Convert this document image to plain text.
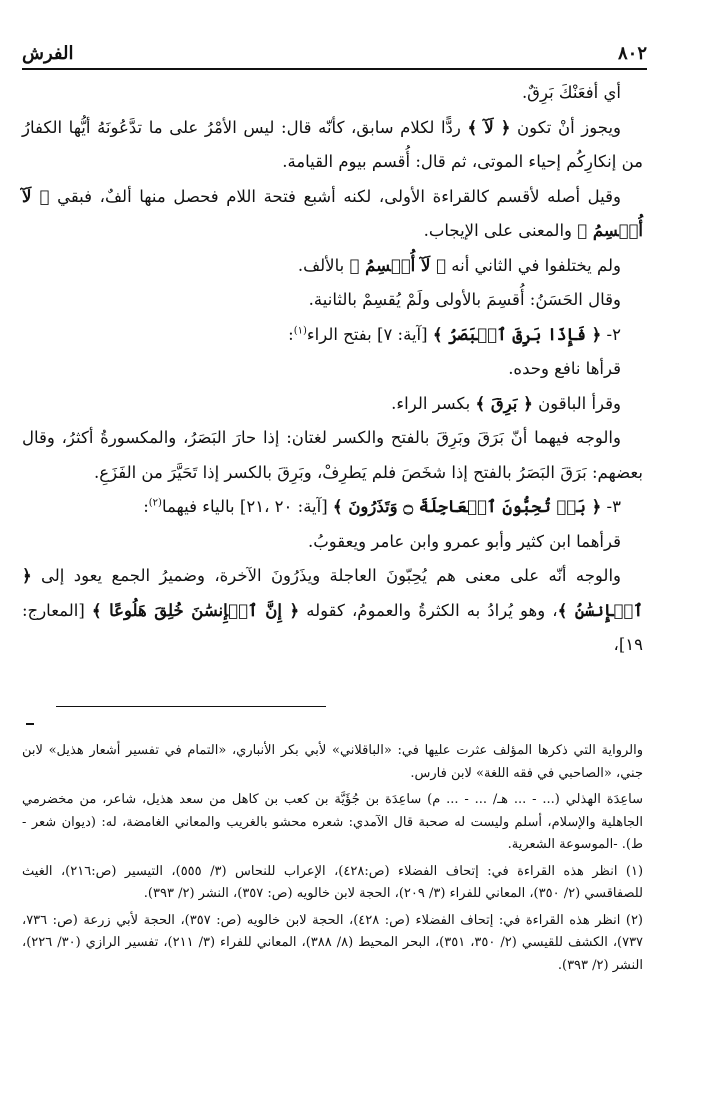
٨٠٢
الفرش

أي أفعَنْكَ بَرِقٌ.

ويجوز أنْ تكون ﴿ لَآ ﴾ ردًّا لكلام سابق، كأنّه قال: ليس الأمْرُ على ما تدَّعُونَهُ أيُّها الكفارُ من إنكارِكُم إحياء الموتى، ثم قال: أُقسم بيوم القيامة.

وقيل أصله لأقسم كالقراءة الأولى، لكنه أشبع فتحة اللام فحصل منها ألفٌ، فبقي ﴿ لَآ أُقۡسِمُ ﴾ والمعنى على الإيجاب.

ولم يختلفوا في الثاني أنه ﴿ لَآ أُقۡسِمُ ﴾ بالألف.

وقال الحَسَنُ: أُقسِمَ بالأولى ولَمْ يُقسِمْ بالثانية.

٢- ﴿ فَإِذَا بَرِقَ ٱلۡبَصَرُ ﴾ [آية: ٧] بفتح الراء$^{(١)}$:

قرأها نافع وحده.

وقرأ الباقون ﴿ بَرِقَ ﴾ بكسر الراء.

والوجه فيهما أنّ بَرَقَ وبَرِقَ بالفتح والكسر لغتان: إذا حارَ البَصَرُ، والمكسورةُ أكثرُ، وقال بعضهم: بَرَقَ البَصَرُ بالفتح إذا شخَصَ فلم يَطرِفْ، وبَرِقَ بالكسر إذا تَحَيَّرَ من الفَزَعِ.

٣- ﴿ بَلۡ تُحِبُّونَ ٱلۡعَاجِلَةَ ۝ وَتَذَرُونَ ﴾ [آية: ٢٠ ،٢١] بالياء فيهما$^{(٢)}$:

قرأهما ابن كثير وأبو عمرو وابن عامر ويعقوبُ.

والوجه أنّه على معنى هم يُحِبّونَ العاجلة ويذَرُونَ الآخرة، وضميرُ الجمع يعود إلى ﴿ ٱلۡإِنسَٰنُ ﴾، وهو يُرادُ به الكثرةُ والعمومُ، كقوله ﴿ إِنَّ ٱلۡإِنسَٰنَ خُلِقَ هَلُوعًا ﴾ [المعارج: ١٩]،

والرواية التي ذكرها المؤلف عثرت عليها في: «الباقلاني» لأبي بكر الأنباري، «التمام في تفسير أشعار هذيل» لابن جني، «الصاحبي في فقه اللغة» لابن فارس.

ساعِدَة الهذلي (... - ... هـ/ ... - ... م) ساعِدَة بن جُؤَيَّة بن كعب بن كاهل من سعد هذيل، شاعر، من مخضرمي الجاهلية والإسلام، أسلم وليست له صحبة قال الآمدي: شعره محشو بالغريب والمعاني الغامضة، له: (ديوان شعر - ط). -الموسوعة الشعرية.

(١) انظر هذه القراءة في: إتحاف الفضلاء (ص:٤٢٨)، الإعراب للنحاس (٣/ ٥٥٥)، التيسير (ص:٢١٦)، الغيث للصفاقسي (٢/ ٣٥٠)، المعاني للفراء (٣/ ٢٠٩)، الحجة لابن خالويه (ص: ٣٥٧)، النشر (٢/ ٣٩٣).

(٢) انظر هذه القراءة في: إتحاف الفضلاء (ص: ٤٢٨)، الحجة لابن خالويه (ص: ٣٥٧)، الحجة لأبي زرعة (ص: ٧٣٦، ٧٣٧)، الكشف للقيسي (٢/ ٣٥٠، ٣٥١)، البحر المحيط (٨/ ٣٨٨)، المعاني للفراء (٣/ ٢١١)، تفسير الرازي (٣٠/ ٢٢٦)، النشر (٢/ ٣٩٣).
